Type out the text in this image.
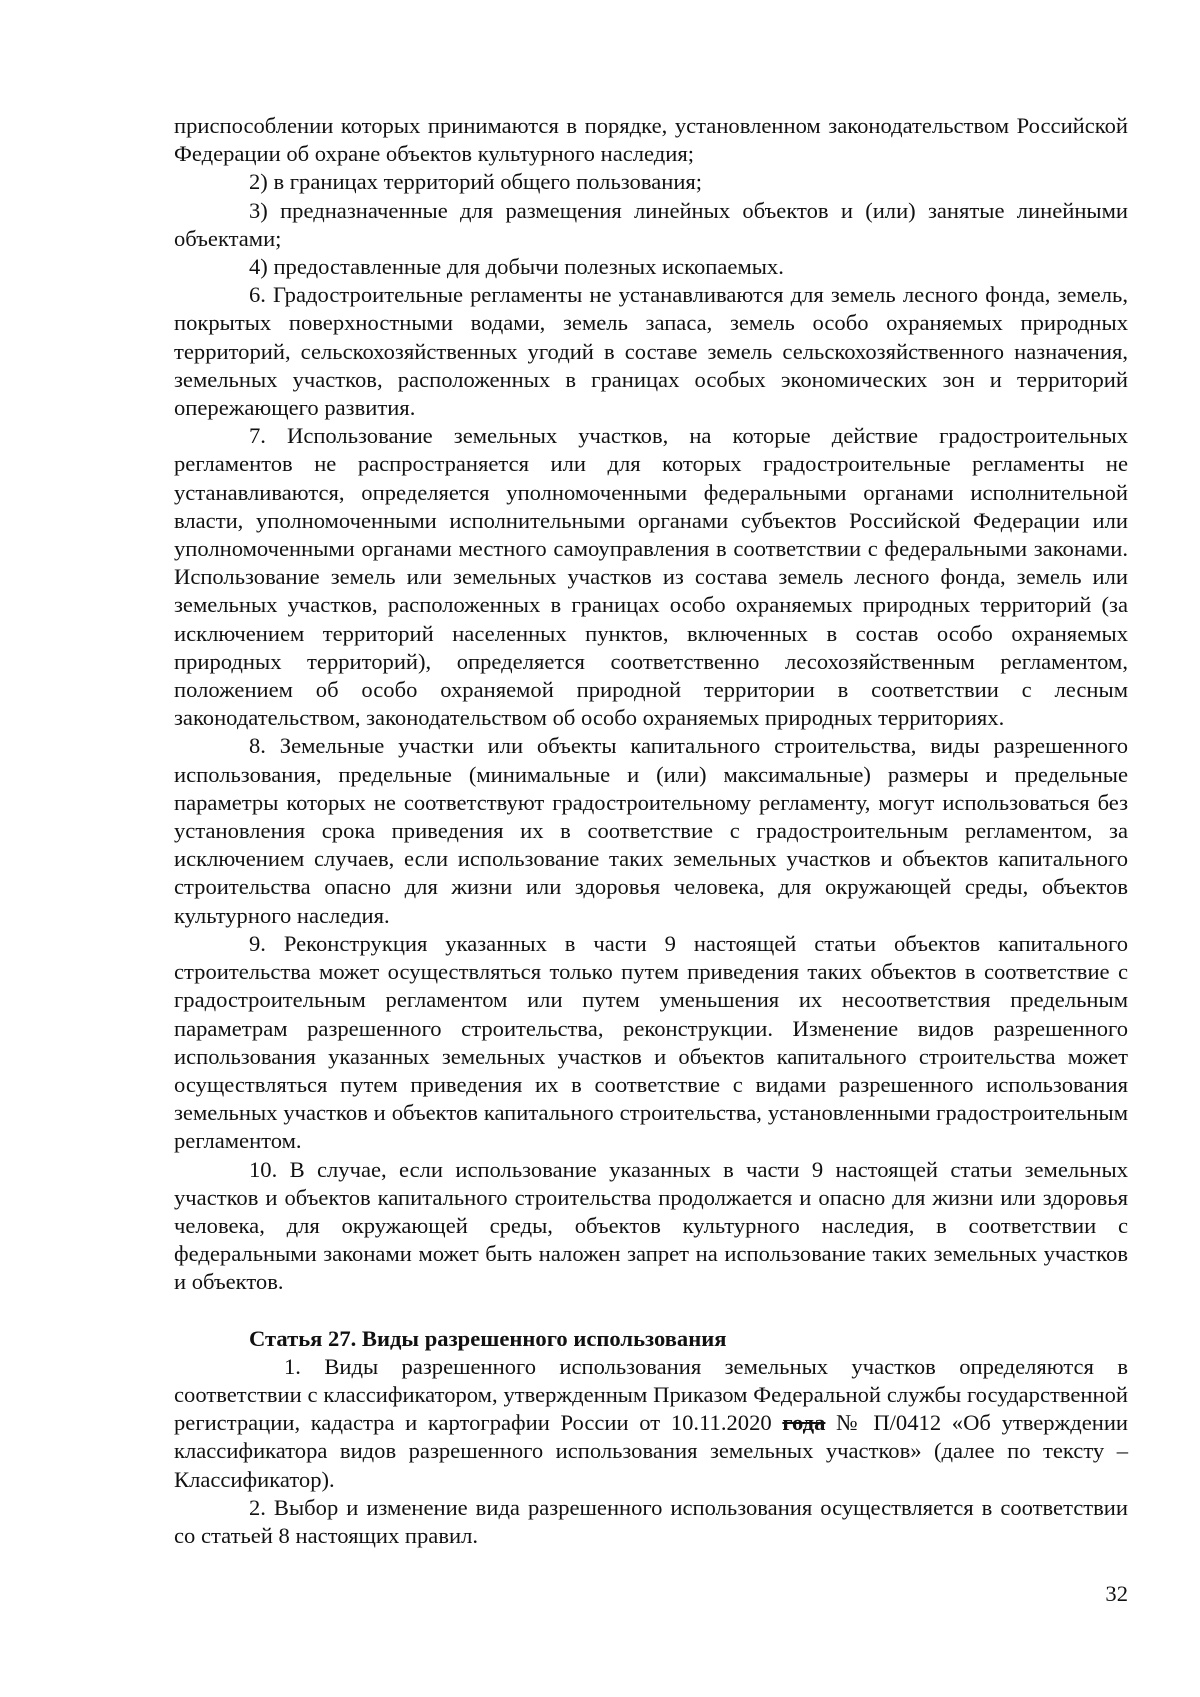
приспособлении которых принимаются в порядке, установленном законодательством Российской Федерации об охране объектов культурного наследия;

2) в границах территорий общего пользования;

3) предназначенные для размещения линейных объектов и (или) занятые линейными объектами;

4) предоставленные для добычи полезных ископаемых.

6. Градостроительные регламенты не устанавливаются для земель лесного фонда, земель, покрытых поверхностными водами, земель запаса, земель особо охраняемых природных территорий, сельскохозяйственных угодий в составе земель сельскохозяйственного назначения, земельных участков, расположенных в границах особых экономических зон и территорий опережающего развития.

7. Использование земельных участков, на которые действие градостроительных регламентов не распространяется или для которых градостроительные регламенты не устанавливаются, определяется уполномоченными федеральными органами исполнительной власти, уполномоченными исполнительными органами субъектов Российской Федерации или уполномоченными органами местного самоуправления в соответствии с федеральными законами. Использование земель или земельных участков из состава земель лесного фонда, земель или земельных участков, расположенных в границах особо охраняемых природных территорий (за исключением территорий населенных пунктов, включенных в состав особо охраняемых природных территорий), определяется соответственно лесохозяйственным регламентом, положением об особо охраняемой природной территории в соответствии с лесным законодательством, законодательством об особо охраняемых природных территориях.

8. Земельные участки или объекты капитального строительства, виды разрешенного использования, предельные (минимальные и (или) максимальные) размеры и предельные параметры которых не соответствуют градостроительному регламенту, могут использоваться без установления срока приведения их в соответствие с градостроительным регламентом, за исключением случаев, если использование таких земельных участков и объектов капитального строительства опасно для жизни или здоровья человека, для окружающей среды, объектов культурного наследия.

9. Реконструкция указанных в части 9 настоящей статьи объектов капитального строительства может осуществляться только путем приведения таких объектов в соответствие с градостроительным регламентом или путем уменьшения их несоответствия предельным параметрам разрешенного строительства, реконструкции. Изменение видов разрешенного использования указанных земельных участков и объектов капитального строительства может осуществляться путем приведения их в соответствие с видами разрешенного использования земельных участков и объектов капитального строительства, установленными градостроительным регламентом.

10. В случае, если использование указанных в части 9 настоящей статьи земельных участков и объектов капитального строительства продолжается и опасно для жизни или здоровья человека, для окружающей среды, объектов культурного наследия, в соответствии с федеральными законами может быть наложен запрет на использование таких земельных участков и объектов.

Статья 27. Виды разрешенного использования

1. Виды разрешенного использования земельных участков определяются в соответствии с классификатором, утвержденным Приказом Федеральной службы государственной регистрации, кадастра и картографии России от 10.11.2020 года № П/0412 «Об утверждении классификатора видов разрешенного использования земельных участков» (далее по тексту – Классификатор).

2. Выбор и изменение вида разрешенного использования осуществляется в соответствии со статьей 8 настоящих правил.

32
